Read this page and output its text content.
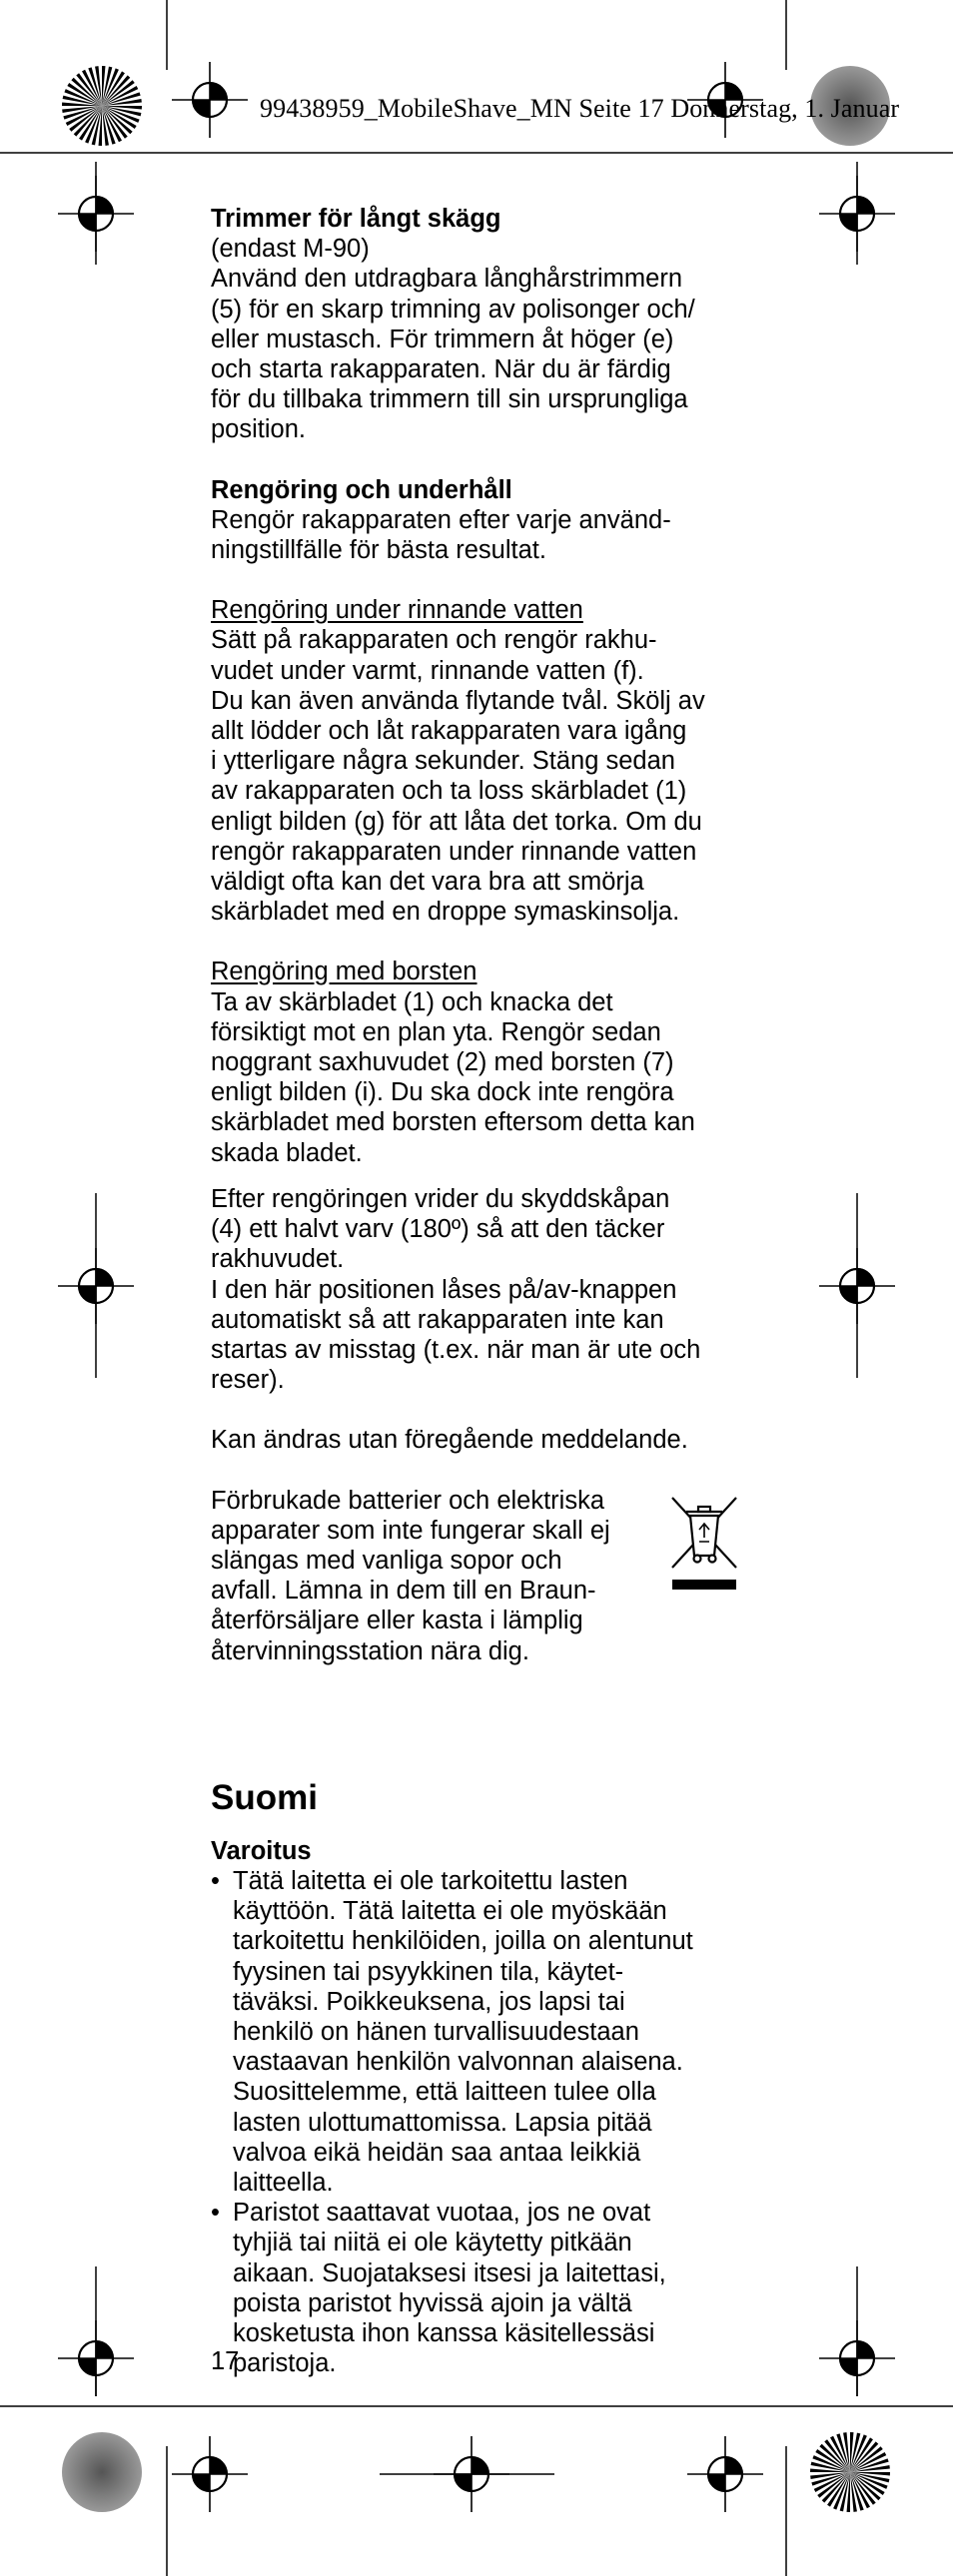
99438959_MobileShave_MN Seite 17 Donnerstag, 1. Januar

Trimmer för långt skägg

(endast M-90)

Använd den utdragbara långhårstrimmern
(5) för en skarp trimning av polisonger och/
eller mustasch. För trimmern åt höger (e)
och starta rakapparaten. När du är färdig
för du tillbaka trimmern till sin ursprungliga
position.

Rengöring och underhåll

Rengör rakapparaten efter varje använd-
ningstillfälle för bästa resultat.

Rengöring under rinnande vatten

Sätt på rakapparaten och rengör rakhu-
vudet under varmt, rinnande vatten (f).
Du kan även använda flytande tvål. Skölj av
allt lödder och låt rakapparaten vara igång
i ytterligare några sekunder. Stäng sedan
av rakapparaten och ta loss skärbladet (1)
enligt bilden (g) för att låta det torka. Om du
rengör rakapparaten under rinnande vatten
väldigt ofta kan det vara bra att smörja
skärbladet med en droppe symaskinsolja.

Rengöring med borsten

Ta av skärbladet (1) och knacka det
försiktigt mot en plan yta. Rengör sedan
noggrant saxhuvudet (2) med borsten (7)
enligt bilden (i). Du ska dock inte rengöra
skärbladet med borsten eftersom detta kan
skada bladet.
Efter rengöringen vrider du skyddskåpan
(4) ett halvt varv (180º) så att den täcker
rakhuvudet.
I den här positionen låses på/av-knappen
automatiskt så att rakapparaten inte kan
startas av misstag (t.ex. när man är ute och
reser).

Kan ändras utan föregående meddelande.

Förbrukade batterier och elektriska
apparater som inte fungerar skall ej
slängas med vanliga sopor och
avfall. Lämna in dem till en Braun-
återförsäljare eller kasta i lämplig
återvinningsstation nära dig.

Suomi

Varoitus

• Tätä laitetta ei ole tarkoitettu lasten
käyttöön. Tätä laitetta ei ole myöskään
tarkoitettu henkilöiden, joilla on alentunut
fyysinen tai psyykkinen tila, käytet-
täväksi. Poikkeuksena, jos lapsi tai
henkilö on hänen turvallisuudestaan
vastaavan henkilön valvonnan alaisena.
Suosittelemme, että laitteen tulee olla
lasten ulottumattomissa. Lapsia pitää
valvoa eikä heidän saa antaa leikkiä
laitteella.
• Paristot saattavat vuotaa, jos ne ovat
tyhjiä tai niitä ei ole käytetty pitkään
aikaan. Suojataksesi itsesi ja laitettasi,
poista paristot hyvissä ajoin ja vältä
kosketusta ihon kanssa käsitellessäsi
paristoja.
17
